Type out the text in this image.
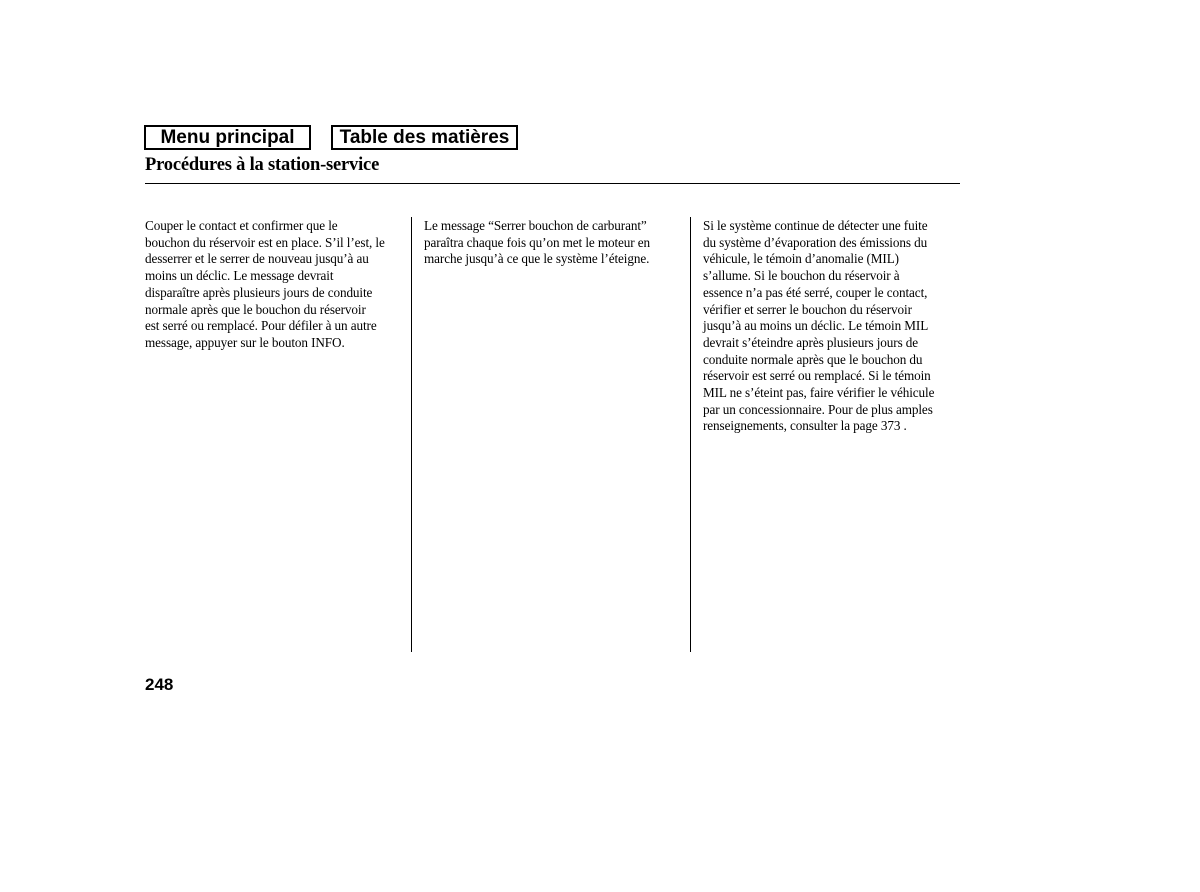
Menu principal	Table des matières
Procédures à la station-service

Couper le contact et confirmer que le

bouchon du réservoir est en place. S’il l’est, le

desserrer et le serrer de nouveau jusqu’à au

moins un déclic. Le message devrait

disparaître après plusieurs jours de conduite

normale après que le bouchon du réservoir

est serré ou remplacé. Pour défiler à un autre

message, appuyer sur le bouton INFO.

Le message “Serrer bouchon de carburant”

paraîtra chaque fois qu’on met le moteur en

marche jusqu’à ce que le système l’éteigne.

Si le système continue de détecter une fuite

du système d’évaporation des émissions du

véhicule, le témoin d’anomalie (MIL)

s’allume. Si le bouchon du réservoir à

essence n’a pas été serré, couper le contact,

vérifier et serrer le bouchon du réservoir

jusqu’à au moins un déclic. Le témoin MIL

devrait s’éteindre après plusieurs jours de

conduite normale après que le bouchon du

réservoir est serré ou remplacé. Si le témoin

MIL ne s’éteint pas, faire vérifier le véhicule

par un concessionnaire. Pour de plus amples

renseignements, consulter la page 373 .

248
